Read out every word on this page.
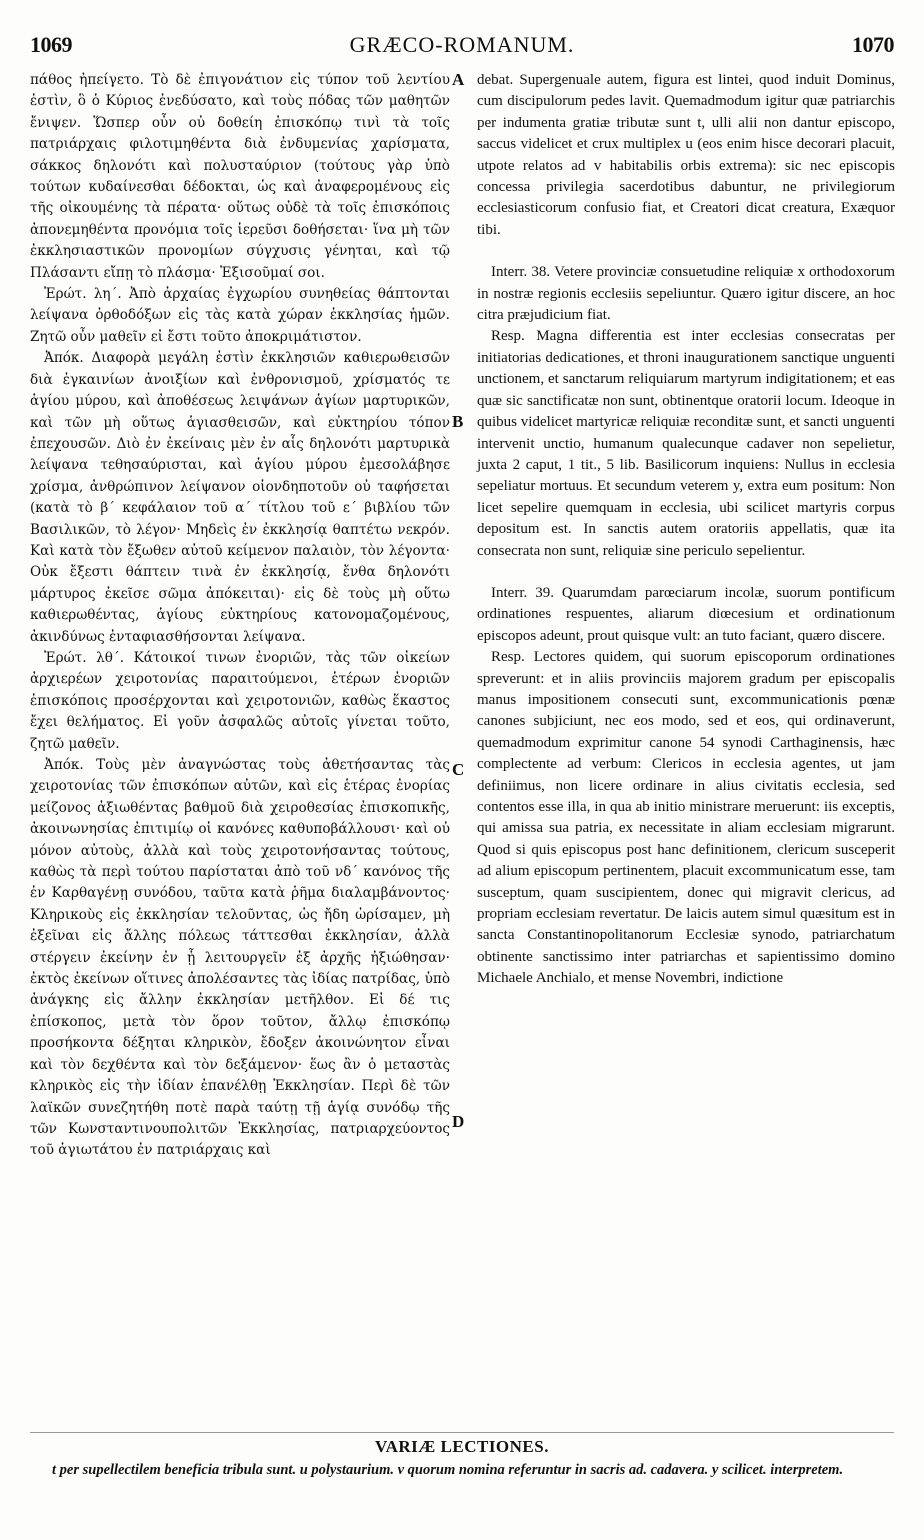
1069	GRÆCO-ROMANUM.	1070

πάθος ἠπείγετο. Τὸ δὲ ἐπιγονάτιον εἰς τύπον τοῦ λεντίου ἐστὶν, ὃ ὁ Κύριος ἐνεδύσατο, καὶ τοὺς πόδας τῶν μαθητῶν ἔνιψεν. Ὥσπερ οὖν οὐ δοθείη ἐπισκόπῳ τινὶ τὰ τοῖς πατριάρχαις φιλοτιμηθέντα διὰ ἐνδυμενίας χαρίσματα, σάκκος δηλονότι καὶ πολυσταύριον (τούτους γὰρ ὑπὸ τούτων κυδαίνεσθαι δέδοκται, ὡς καὶ ἀναφερομένους εἰς τῆς οἰκουμένης τὰ πέρατα· οὕτως οὐδὲ τὰ τοῖς ἐπισκόποις ἀπονεμηθέντα προνόμια τοῖς ἱερεῦσι δοθήσεται· ἵνα μὴ τῶν ἐκκλησιαστικῶν προνομίων σύγχυσις γένηται, καὶ τῷ Πλάσαντι εἴπῃ τὸ πλάσμα· Ἐξισοῦμαί σοι.

Ἐρώτ. λη΄. Ἀπὸ ἀρχαίας ἐγχωρίου συνηθείας θάπτονται λείψανα ὀρθοδόξων εἰς τὰς κατὰ χώραν ἐκκλησίας ἡμῶν. Ζητῶ οὖν μαθεῖν εἰ ἔστι τοῦτο ἀποκριμάτιστον.

Ἀπόκ. Διαφορὰ μεγάλη ἐστὶν ἐκκλησιῶν καθιερωθεισῶν διὰ ἐγκαινίων ἀνοιξίων καὶ ἐνθρονισμοῦ, χρίσματός τε ἁγίου μύρου, καὶ ἀποθέσεως λειψάνων ἁγίων μαρτυρικῶν, καὶ τῶν μὴ οὕτως ἁγιασθεισῶν, καὶ εὐκτηρίου τόπον ἐπεχουσῶν. Διὸ ἐν ἐκείναις μὲν ἐν αἷς δηλονότι μαρτυρικὰ λείψανα τεθησαύρισται, καὶ ἁγίου μύρου ἐμεσολάβησε χρίσμα, ἀνθρώπινον λείψανον οἱονδηποτοῦν οὐ ταφήσεται (κατὰ τὸ β΄ κεφάλαιον τοῦ α΄ τίτλου τοῦ ε΄ βιβλίου τῶν Βασιλικῶν, τὸ λέγον· Μηδεὶς ἐν ἐκκλησίᾳ θαπτέτω νεκρόν. Καὶ κατὰ τὸν ἔξωθεν αὐτοῦ κείμενον παλαιὸν, τὸν λέγοντα· Οὐκ ἔξεστι θάπτειν τινὰ ἐν ἐκκλησίᾳ, ἔνθα δηλονότι μάρτυρος ἐκεῖσε σῶμα ἀπόκειται)· εἰς δὲ τοὺς μὴ οὕτω καθιερωθέντας, ἁγίους εὐκτηρίους κατονομαζομένους, ἀκινδύνως ἐνταφιασθήσονται λείψανα.

Ἐρώτ. λθ΄. Κάτοικοί τινων ἐνοριῶν, τὰς τῶν οἰκείων ἀρχιερέων χειροτονίας παραιτούμενοι, ἑτέρων ἐνοριῶν ἐπισκόποις προσέρχονται καὶ χειροτονιῶν, καθὼς ἕκαστος ἔχει θελήματος. Εἰ γοῦν ἀσφαλῶς αὐτοῖς γίνεται τοῦτο, ζητῶ μαθεῖν.

Ἀπόκ. Τοὺς μὲν ἀναγνώστας τοὺς ἀθετήσαντας τὰς χειροτονίας τῶν ἐπισκόπων αὐτῶν, καὶ εἰς ἑτέρας ἐνορίας μείζονος ἀξιωθέντας βαθμοῦ διὰ χειροθεσίας ἐπισκοπικῆς, ἀκοινωνησίας ἐπιτιμίῳ οἱ κανόνες καθυποβάλλουσι· καὶ οὐ μόνον αὐτοὺς, ἀλλὰ καὶ τοὺς χειροτονήσαντας τούτους, καθὼς τὰ περὶ τούτου παρίσταται ἀπὸ τοῦ νδ΄ κανόνος τῆς ἐν Καρθαγένῃ συνόδου, ταῦτα κατὰ ῥῆμα διαλαμβάνοντος· Κληρικοὺς εἰς ἐκκλησίαν τελοῦντας, ὡς ἤδη ὡρίσαμεν, μὴ ἐξεῖναι εἰς ἄλλης πόλεως τάττεσθαι ἐκκλησίαν, ἀλλὰ στέργειν ἐκείνην ἐν ᾗ λειτουργεῖν ἐξ ἀρχῆς ἠξιώθησαν· ἐκτὸς ἐκείνων οἵτινες ἀπολέσαντες τὰς ἰδίας πατρίδας, ὑπὸ ἀνάγκης εἰς ἄλλην ἐκκλησίαν μετῆλθον. Εἰ δέ τις ἐπίσκοπος, μετὰ τὸν ὅρον τοῦτον, ἄλλῳ ἐπισκόπῳ προσήκοντα δέξηται κληρικὸν, ἔδοξεν ἀκοινώνητον εἶναι καὶ τὸν δεχθέντα καὶ τὸν δεξάμενον· ἕως ἂν ὁ μεταστὰς κληρικὸς εἰς τὴν ἰδίαν ἐπανέλθῃ Ἐκκλησίαν. Περὶ δὲ τῶν λαϊκῶν συνεζητήθη ποτὲ παρὰ ταύτῃ τῇ ἁγίᾳ συνόδῳ τῆς τῶν Κωνσταντινουπολιτῶν Ἐκκλησίας, πατριαρχεύοντος τοῦ ἁγιωτάτου ἐν πατριάρχαις καὶ

A
B
C
D

debat. Supergenuale autem, figura est lintei, quod induit Dominus, cum discipulorum pedes lavit. Quemadmodum igitur quæ patriarchis per indumenta gratiæ tributæ sunt t, ulli alii non dantur episcopo, saccus videlicet et crux multiplex u (eos enim hisce decorari placuit, utpote relatos ad v habitabilis orbis extrema): sic nec episcopis concessa privilegia sacerdotibus dabuntur, ne privilegiorum ecclesiasticorum confusio fiat, et Creatori dicat creatura, Exæquor tibi.

Interr. 38. Vetere provinciæ consuetudine reliquiæ x orthodoxorum in nostræ regionis ecclesiis sepeliuntur. Quæro igitur discere, an hoc citra præjudicium fiat.

Resp. Magna differentia est inter ecclesias consecratas per initiatorias dedicationes, et throni inaugurationem sanctique unguenti unctionem, et sanctarum reliquiarum martyrum indigitationem; et eas quæ sic sanctificatæ non sunt, obtinentque oratorii locum. Ideoque in quibus videlicet martyricæ reliquiæ reconditæ sunt, et sancti unguenti intervenit unctio, humanum qualecunque cadaver non sepelietur, juxta 2 caput, 1 tit., 5 lib. Basilicorum inquiens: Nullus in ecclesia sepeliatur mortuus. Et secundum veterem y, extra eum positum: Non licet sepelire quemquam in ecclesia, ubi scilicet martyris corpus depositum est. In sanctis autem oratoriis appellatis, quæ ita consecrata non sunt, reliquiæ sine periculo sepelientur.

Interr. 39. Quarumdam parœciarum incolæ, suorum pontificum ordinationes respuentes, aliarum diœcesium et ordinationum episcopos adeunt, prout quisque vult: an tuto faciant, quæro discere.

Resp. Lectores quidem, qui suorum episcoporum ordinationes spreverunt: et in aliis provinciis majorem gradum per episcopalis manus impositionem consecuti sunt, excommunicationis pœnæ canones subjiciunt, nec eos modo, sed et eos, qui ordinaverunt, quemadmodum exprimitur canone 54 synodi Carthaginensis, hæc complectente ad verbum: Clericos in ecclesia agentes, ut jam definiimus, non licere ordinare in alius civitatis ecclesia, sed contentos esse illa, in qua ab initio ministrare meruerunt: iis exceptis, qui amissa sua patria, ex necessitate in aliam ecclesiam migrarunt. Quod si quis episcopus post hanc definitionem, clericum susceperit ad alium episcopum pertinentem, placuit excommunicatum esse, tam susceptum, quam suscipientem, donec qui migravit clericus, ad propriam ecclesiam revertatur. De laicis autem simul quæsitum est in sancta Constantinopolitanorum Ecclesiæ synodo, patriarchatum obtinente sanctissimo inter patriarchas et sapientissimo domino Michaele Anchialo, et mense Novembri, indictione

VARIÆ LECTIONES.
t per supellectilem beneficia tribula sunt. u polystaurium. v quorum nomina referuntur in sacris ad. cadavera. y scilicet. interpretem.
